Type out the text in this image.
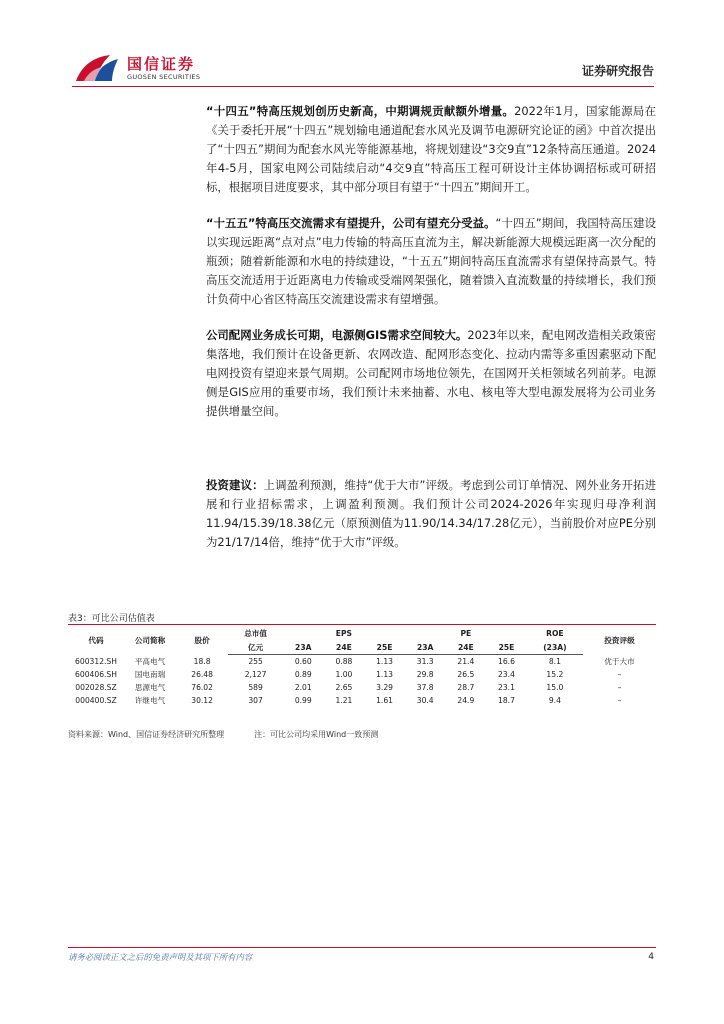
国信证券
GUOSEN SECURITIES	证券研究报告
“十四五”特高压规划创历史新高，中期调规贡献额外增量。2022年1月，国家能源局在《关于委托开展“十四五”规划输电通道配套水风光及调节电源研究论证的函》中首次提出了“十四五”期间为配套水风光等能源基地，将规划建设“3交9直”12条特高压通道。2024年4-5月，国家电网公司陆续启动“4交9直”特高压工程可研设计主体协调招标或可研招标，根据项目进度要求，其中部分项目有望于“十四五”期间开工。
“十五五”特高压交流需求有望提升，公司有望充分受益。“十四五”期间，我国特高压建设以实现远距离“点对点”电力传输的特高压直流为主，解决新能源大规模远距离一次分配的瓶颈；随着新能源和水电的持续建设，“十五五”期间特高压直流需求有望保持高景气。特高压交流适用于近距离电力传输或受端网架强化，随着馈入直流数量的持续增长，我们预计负荷中心省区特高压交流建设需求有望增强。
公司配网业务成长可期，电源侧GIS需求空间较大。2023年以来，配电网改造相关政策密集落地，我们预计在设备更新、农网改造、配网形态变化、拉动内需等多重因素驱动下配电网投资有望迎来景气周期。公司配网市场地位领先，在国网开关柜领域名列前茅。电源侧是GIS应用的重要市场，我们预计未来抽蓄、水电、核电等大型电源发展将为公司业务提供增量空间。
投资建议：上调盈利预测，维持“优于大市”评级。考虑到公司订单情况、网外业务开拓进展和行业招标需求，上调盈利预测。我们预计公司2024-2026年实现归母净利润11.94/15.39/18.38亿元（原预测值为11.90/14.34/17.28亿元），当前股价对应PE分别为21/17/14倍，维持“优于大市”评级。
表3：可比公司估值表
代码	公司简称	股价	总市值	EPS			PE			ROE	投资评级
			亿元	23A	24E	25E	23A	24E	25E	(23A)	
600312.SH	平高电气	18.8	255	0.60	0.88	1.13	31.3	21.4	16.6	8.1	优于大市
600406.SH	国电南瑞	26.48	2,127	0.89	1.00	1.13	29.8	26.5	23.4	15.2	–
002028.SZ	思源电气	76.02	589	2.01	2.65	3.29	37.8	28.7	23.1	15.0	–
000400.SZ	许继电气	30.12	307	0.99	1.21	1.61	30.4	24.9	18.7	9.4	–
资料来源：Wind、国信证券经济研究所整理	注：可比公司均采用Wind一致预测
请务必阅读正文之后的免责声明及其项下所有内容	4
